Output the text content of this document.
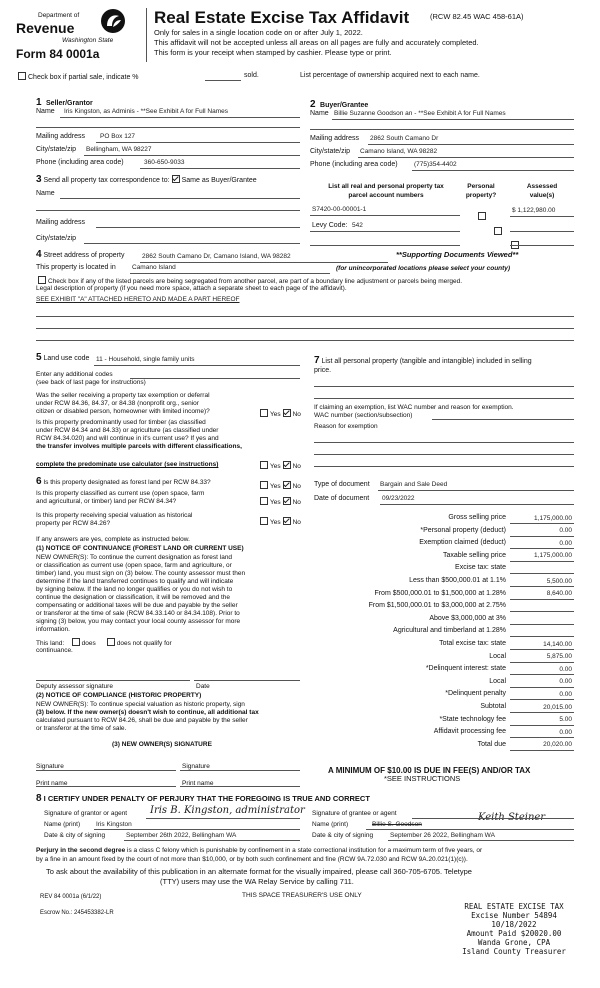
Department of
Revenue
Washington State
Form 84 0001a
Real Estate Excise Tax Affidavit	(RCW 82.45 WAC 458-61A)
Only for sales in a single location code on or after July 1, 2022.
This affidavit will not be accepted unless all areas on all pages are fully and accurately completed.
This form is your receipt when stamped by cashier. Please type or print.
Check box if partial sale, indicate %	sold.	List percentage of ownership acquired next to each name.
1 Seller/Grantor
Name Iris Kingston, as Adminis - **See Exhibit A for Full Names
Mailing address PO Box 127
City/state/zip Bellingham, WA 98227
Phone (including area code)	360-650-9033
2 Buyer/Grantee
Name Billie Suzanne Goodson an - **See Exhibit A for Full Names
Mailing address 2862 South Camano Dr
City/state/zip Camano Island, WA 98282
Phone (including area code)	(775)354-4402
3 Send all property tax correspondence to: Same as Buyer/Grantee
Name
Mailing address
City/state/zip
List all real and personal property tax
parcel account numbers
Personal
property?
Assessed
value(s)
S7420-00-00001-1
	$ 1,122,980.00
Levy Code: 542

4 Street address of property	2862 South Camano Dr, Camano Island, WA 98282	**Supporting Documents Viewed**
This property is located in Camano Island	(for unincorporated locations please select your county)
Check box if any of the listed parcels are being segregated from another parcel, are part of a boundary line adjustment or parcels being merged.
Legal description of property (if you need more space, attach a separate sheet to each page of the affidavit).
SEE EXHIBIT "A" ATTACHED HERETO AND MADE A PART HEREOF
5 Land use code 11 - Household, single family units
Enter any additional codes
(see back of last page for instructions)
Was the seller receiving a property tax exemption or deferral
under RCW 84.36, 84.37, or 84.38 (nonprofit org., senior
citizen or disabled person, homeowner with limited income)?	Yes No
Is this property predominantly used for timber (as classified
under RCW 84.34 and 84.33) or agriculture (as classified under
RCW 84.34.020) and will continue in it's current use? If yes and
the transfer involves multiple parcels with different classifications,
complete the predominate use calculator (see instructions)	Yes No
7 List all personal property (tangible and intangible) included in selling
price.
If claiming an exemption, list WAC number and reason for exemption.
WAC number (section/subsection)
Reason for exemption
6 Is this property designated as forest land per RCW 84.33?
Yes No
Is this property classified as current use (open space, farm
and agricultural, or timber) land per RCW 84.34?	Yes No
Is this property receiving special valuation as historical
property per RCW 84.26?	Yes No
If any answers are yes, complete as instructed below.
(1) NOTICE OF CONTINUANCE (FOREST LAND OR CURRENT USE)
NEW OWNER(S): To continue the current designation as forest land
or classification as current use (open space, farm and agriculture, or
timber) land, you must sign on (3) below. The county assessor must then
determine if the land transferred continues to qualify and will indicate
by signing below. If the land no longer qualifies or you do not wish to
continue the designation or classification, it will be removed and the
compensating or additional taxes will be due and payable by the seller
or transferor at the time of sale (RCW 84.33.140 or 84.34.108). Prior to
signing (3) below, you may contact your local county assessor for more
information.
This land:	does	does not qualify for
continuance.
Deputy assessor signature	Date
(2) NOTICE OF COMPLIANCE (HISTORIC PROPERTY)
NEW OWNER(S): To continue special valuation as historic property, sign
(3) below. If the new owner(s) doesn't wish to continue, all additional tax
calculated pursuant to RCW 84.26, shall be due and payable by the seller
or transferor at the time of sale.
(3) NEW OWNER(S) SIGNATURE
Signature	Signature
Print name	Print name
Type of document Bargain and Sale Deed
Date of document 09/23/2022
Gross selling price	1,175,000.00
*Personal property (deduct)	0.00
Exemption claimed (deduct)	0.00
Taxable selling price	1,175,000.00
Excise tax: state
Less than $500,000.01 at 1.1%	5,500.00
From $500,000.01 to $1,500,000 at 1.28%	8,640.00
From $1,500,000.01 to $3,000,000 at 2.75%
Above $3,000,000 at 3%
Agricultural and timberland at 1.28%
Total excise tax: state	14,140.00
Local	5,875.00
*Delinquent interest: state	0.00
Local	0.00
*Delinquent penalty	0.00
Subtotal	20,015.00
*State technology fee	5.00
Affidavit processing fee	0.00
Total due	20,020.00
A MINIMUM OF $10.00 IS DUE IN FEE(S) AND/OR TAX
*SEE INSTRUCTIONS
8 I CERTIFY UNDER PENALTY OF PERJURY THAT THE FOREGOING IS TRUE AND CORRECT
Signature of grantor or agent Iris B. Kingston, administrator
Name (print) Iris Kingston
Date & city of signing	September 26th 2022, Bellingham WA
Signature of grantee or agent	Keith Steiner
Name (print)	Billie S. Goodson
Date & city of signing	September 26 2022, Bellingham WA
Perjury in the second degree is a class C felony which is punishable by confinement in a state correctional institution for a maximum term of five years, or
by a fine in an amount fixed by the court of not more than $10,000, or by both such confinement and fine (RCW 9A.72.030 and RCW 9A.20.021(1)(c)).
To ask about the availability of this publication in an alternate format for the visually impaired, please call 360-705-6705. Teletype
(TTY) users may use the WA Relay Service by calling 711.
REV 84 0001a (6/1/22)	THIS SPACE TREASURER'S USE ONLY
Escrow No.: 245453382-LR
REAL ESTATE EXCISE TAX
Excise Number 54894
10/18/2022
Amount Paid $20020.00
Wanda Grone, CPA
Island County Treasurer
